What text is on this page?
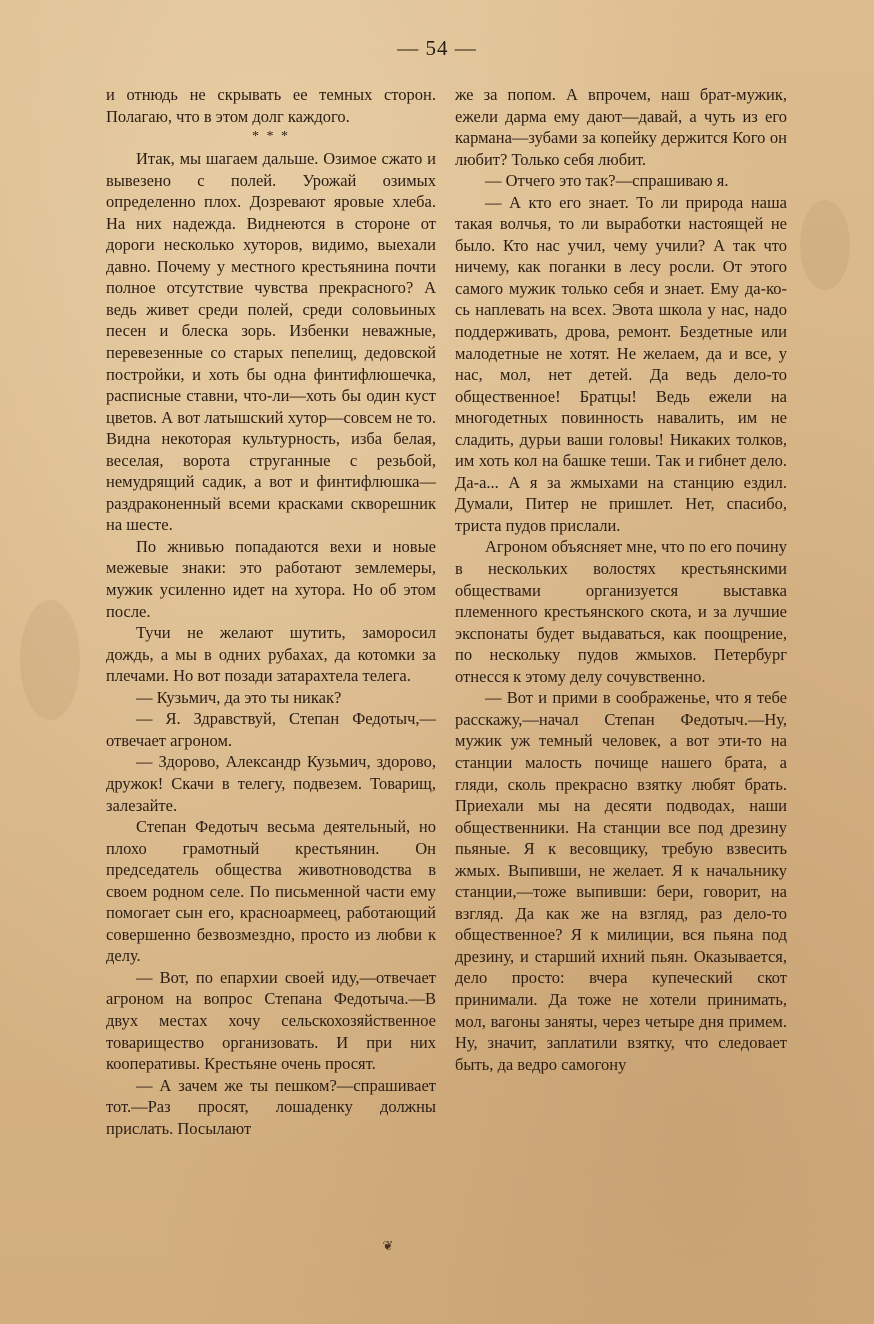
— 54 —

и отнюдь не скрывать ее темных сторон. Полагаю, что в этом долг каждого.

* * *

Итак, мы шагаем дальше. Озимое сжато и вывезено с полей. Урожай озимых определенно плох. Дозревают яровые хлеба. На них надежда. Виднеются в стороне от дороги несколько хуторов, видимо, выехали давно. Почему у местного крестьянина почти полное отсутствие чувства прекрасного? А ведь живет среди полей, среди соловьиных песен и блеска зорь. Избенки неважные, перевезенные со старых пепелищ, дедовской постройки, и хоть бы одна финтифлюшечка, расписные ставни, что-ли—хоть бы один куст цветов. А вот латышский хутор—совсем не то. Видна некоторая культурность, изба белая, веселая, ворота струганные с резьбой, немудрящий садик, а вот и финтифлюшка—раздраконенный всеми красками скворешник на шесте.

По жнивью попадаются вехи и новые межевые знаки: это работают землемеры, мужик усиленно идет на хутора. Но об этом после.

Тучи не желают шутить, заморосил дождь, а мы в одних рубахах, да котомки за плечами. Но вот позади затарахтела телега.

— Кузьмич, да это ты никак?

— Я. Здравствуй, Степан Федотыч,—отвечает агроном.

— Здорово, Александр Кузьмич, здорово, дружок! Скачи в телегу, подвезем. Товарищ, залезайте.

Степан Федотыч весьма деятельный, но плохо грамотный крестьянин. Он председатель общества животноводства в своем родном селе. По письменной части ему помогает сын его, красноармеец, работающий совершенно безвозмездно, просто из любви к делу.

— Вот, по епархии своей иду,—отвечает агроном на вопрос Степана Федотыча.—В двух местах хочу сельскохозяйственное товарищество организовать. И при них кооперативы. Крестьяне очень просят.

— А зачем же ты пешком?—спрашивает тот.—Раз просят, лошаденку должны прислать. Посылают

же за попом. А впрочем, наш брат-мужик, ежели дарма ему дают—давай, а чуть из его кармана—зубами за копейку держится Кого он любит? Только себя любит.

— Отчего это так?—спрашиваю я.

— А кто его знает. То ли природа наша такая волчья, то ли выработки настоящей не было. Кто нас учил, чему учили? А так что ничему, как поганки в лесу росли. От этого самого мужик только себя и знает. Ему да-ко-сь наплевать на всех. Эвота школа у нас, надо поддерживать, дрова, ремонт. Бездетные или малодетные не хотят. Не желаем, да и все, у нас, мол, нет детей. Да ведь дело-то общественное! Братцы! Ведь ежели на многодетных повинность навалить, им не сладить, дурьи ваши головы! Никаких толков, им хоть кол на башке теши. Так и гибнет дело. Да-а... А я за жмыхами на станцию ездил. Думали, Питер не пришлет. Нет, спасибо, триста пудов прислали.

Агроном объясняет мне, что по его почину в нескольких волостях крестьянскими обществами организуется выставка племенного крестьянского скота, и за лучшие экспонаты будет выдаваться, как поощрение, по нескольку пудов жмыхов. Петербург отнесся к этому делу сочувственно.

— Вот и прими в соображенье, что я тебе расскажу,—начал Степан Федотыч.—Ну, мужик уж темный человек, а вот эти-то на станции малость почище нашего брата, а гляди, сколь прекрасно взятку любят брать. Приехали мы на десяти подводах, наши общественники. На станции все под дрезину пьяные. Я к весовщику, требую взвесить жмых. Выпивши, не желает. Я к начальнику станции,—тоже выпивши: бери, говорит, на взгляд. Да как же на взгляд, раз дело-то общественное? Я к милиции, вся пьяна под дрезину, и старший ихний пьян. Оказывается, дело просто: вчера купеческий скот принимали. Да тоже не хотели принимать, мол, вагоны заняты, через четыре дня примем. Ну, значит, заплатили взятку, что следовает быть, да ведро самогону

❦
